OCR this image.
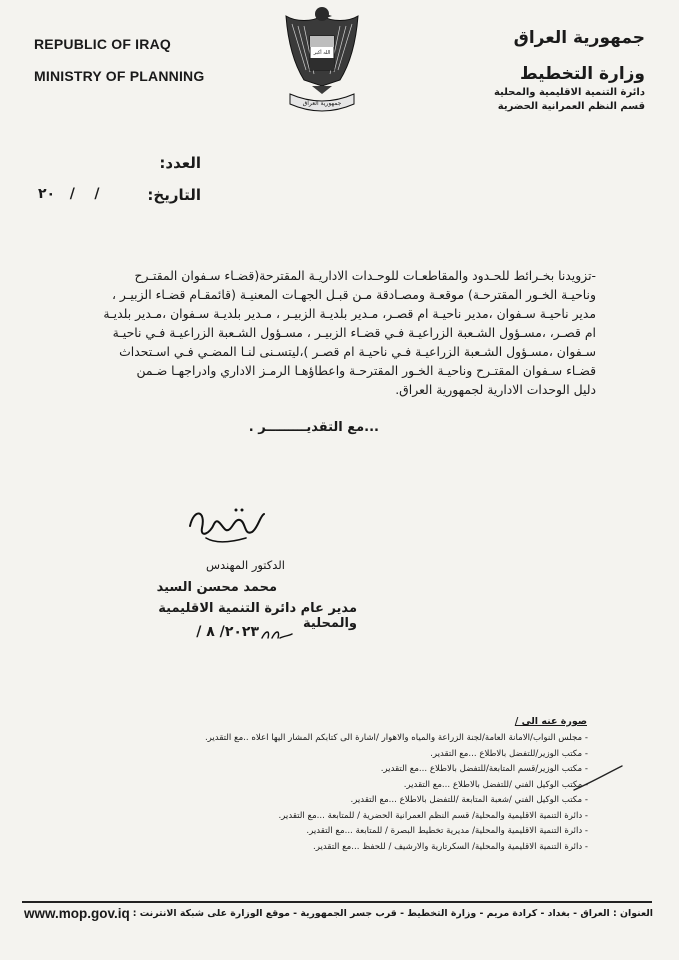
REPUBLIC OF IRAQ
MINISTRY OF PLANNING
الله أكبر
جمهورية العراق
جمهورية العراق
وزارة التخطيط
دائرة التنمية الاقليمية والمحلية
قسم النظم العمرانية الحضرية
العدد:
التاريخ:
/    /   ٢٠
-تزويدنا بخـرائط للحـدود والمقاطعـات للوحـدات الاداريـة المقترحة(قضـاء سـفوان المقتـرح
وناحيـة الخـور المقترحـة) موقعـة ومصـادقة مـن قبـل الجهـات المعنيـة (قائمقـام قضـاء الزبيـر ،
مدير ناحيـة سـفوان ،مدير ناحيـة ام قصـر، مـدير بلديـة الزبيـر ، مـدير بلديـة سـفوان ،مـدير بلديـة
ام قصـر، ،مسـؤول الشـعبة الزراعيـة فـي قضـاء الزبيـر ، مسـؤول الشـعبة الزراعيـة فـي ناحيـة
سـفوان ،مسـؤول الشـعبة الزراعيـة فـي ناحيـة ام قصـر )،ليتسـنى لنـا المضـي فـي اسـتحداث
قضـاء سـفوان المقتـرح وناحيـة الخـور المقترحـة واعطاؤهـا الرمـز الاداري وادراجهـا ضـمن
دليل الوحدات الادارية لجمهورية العراق.
...مع التقديـــــــــر .
الدكتور المهندس
محمد محسن السيد
مدير عام دائرة التنمية الاقليمية والمحلية
٢٠٢٣/ ٨ /
صورة عنه الى /
- مجلس النواب/الامانة العامة/لجنة الزراعة والمياه والاهوار /اشارة الى كتابكم المشار اليها اعلاه ..مع التقدير.
- مكتب الوزير/للتفضل بالاطلاع ...مع التقدير.
- مكتب الوزير/قسم المتابعة/للتفضل بالاطلاع ...مع التقدير.
- مكتب الوكيل الفني /للتفضل بالاطلاع ...مع التقدير.
- مكتب الوكيل الفني /شعبة المتابعة /للتفضل بالاطلاع ...مع التقدير.
- دائرة التنمية الاقليمية والمحلية/ قسم النظم العمرانية الحضرية / للمتابعة ...مع التقدير.
- دائرة التنمية الاقليمية والمحلية/ مديرية تخطيط البصرة / للمتابعة ...مع التقدير.
- دائرة التنمية الاقليمية والمحلية/ السكرتارية والارشيف / للحفظ ...مع التقدير.
www.mop.gov.iq العنوان : العراق - بغداد - كرادة مريم - وزارة التخطيط - قرب جسر الجمهورية - موقع الوزارة على شبكة الانترنت :
